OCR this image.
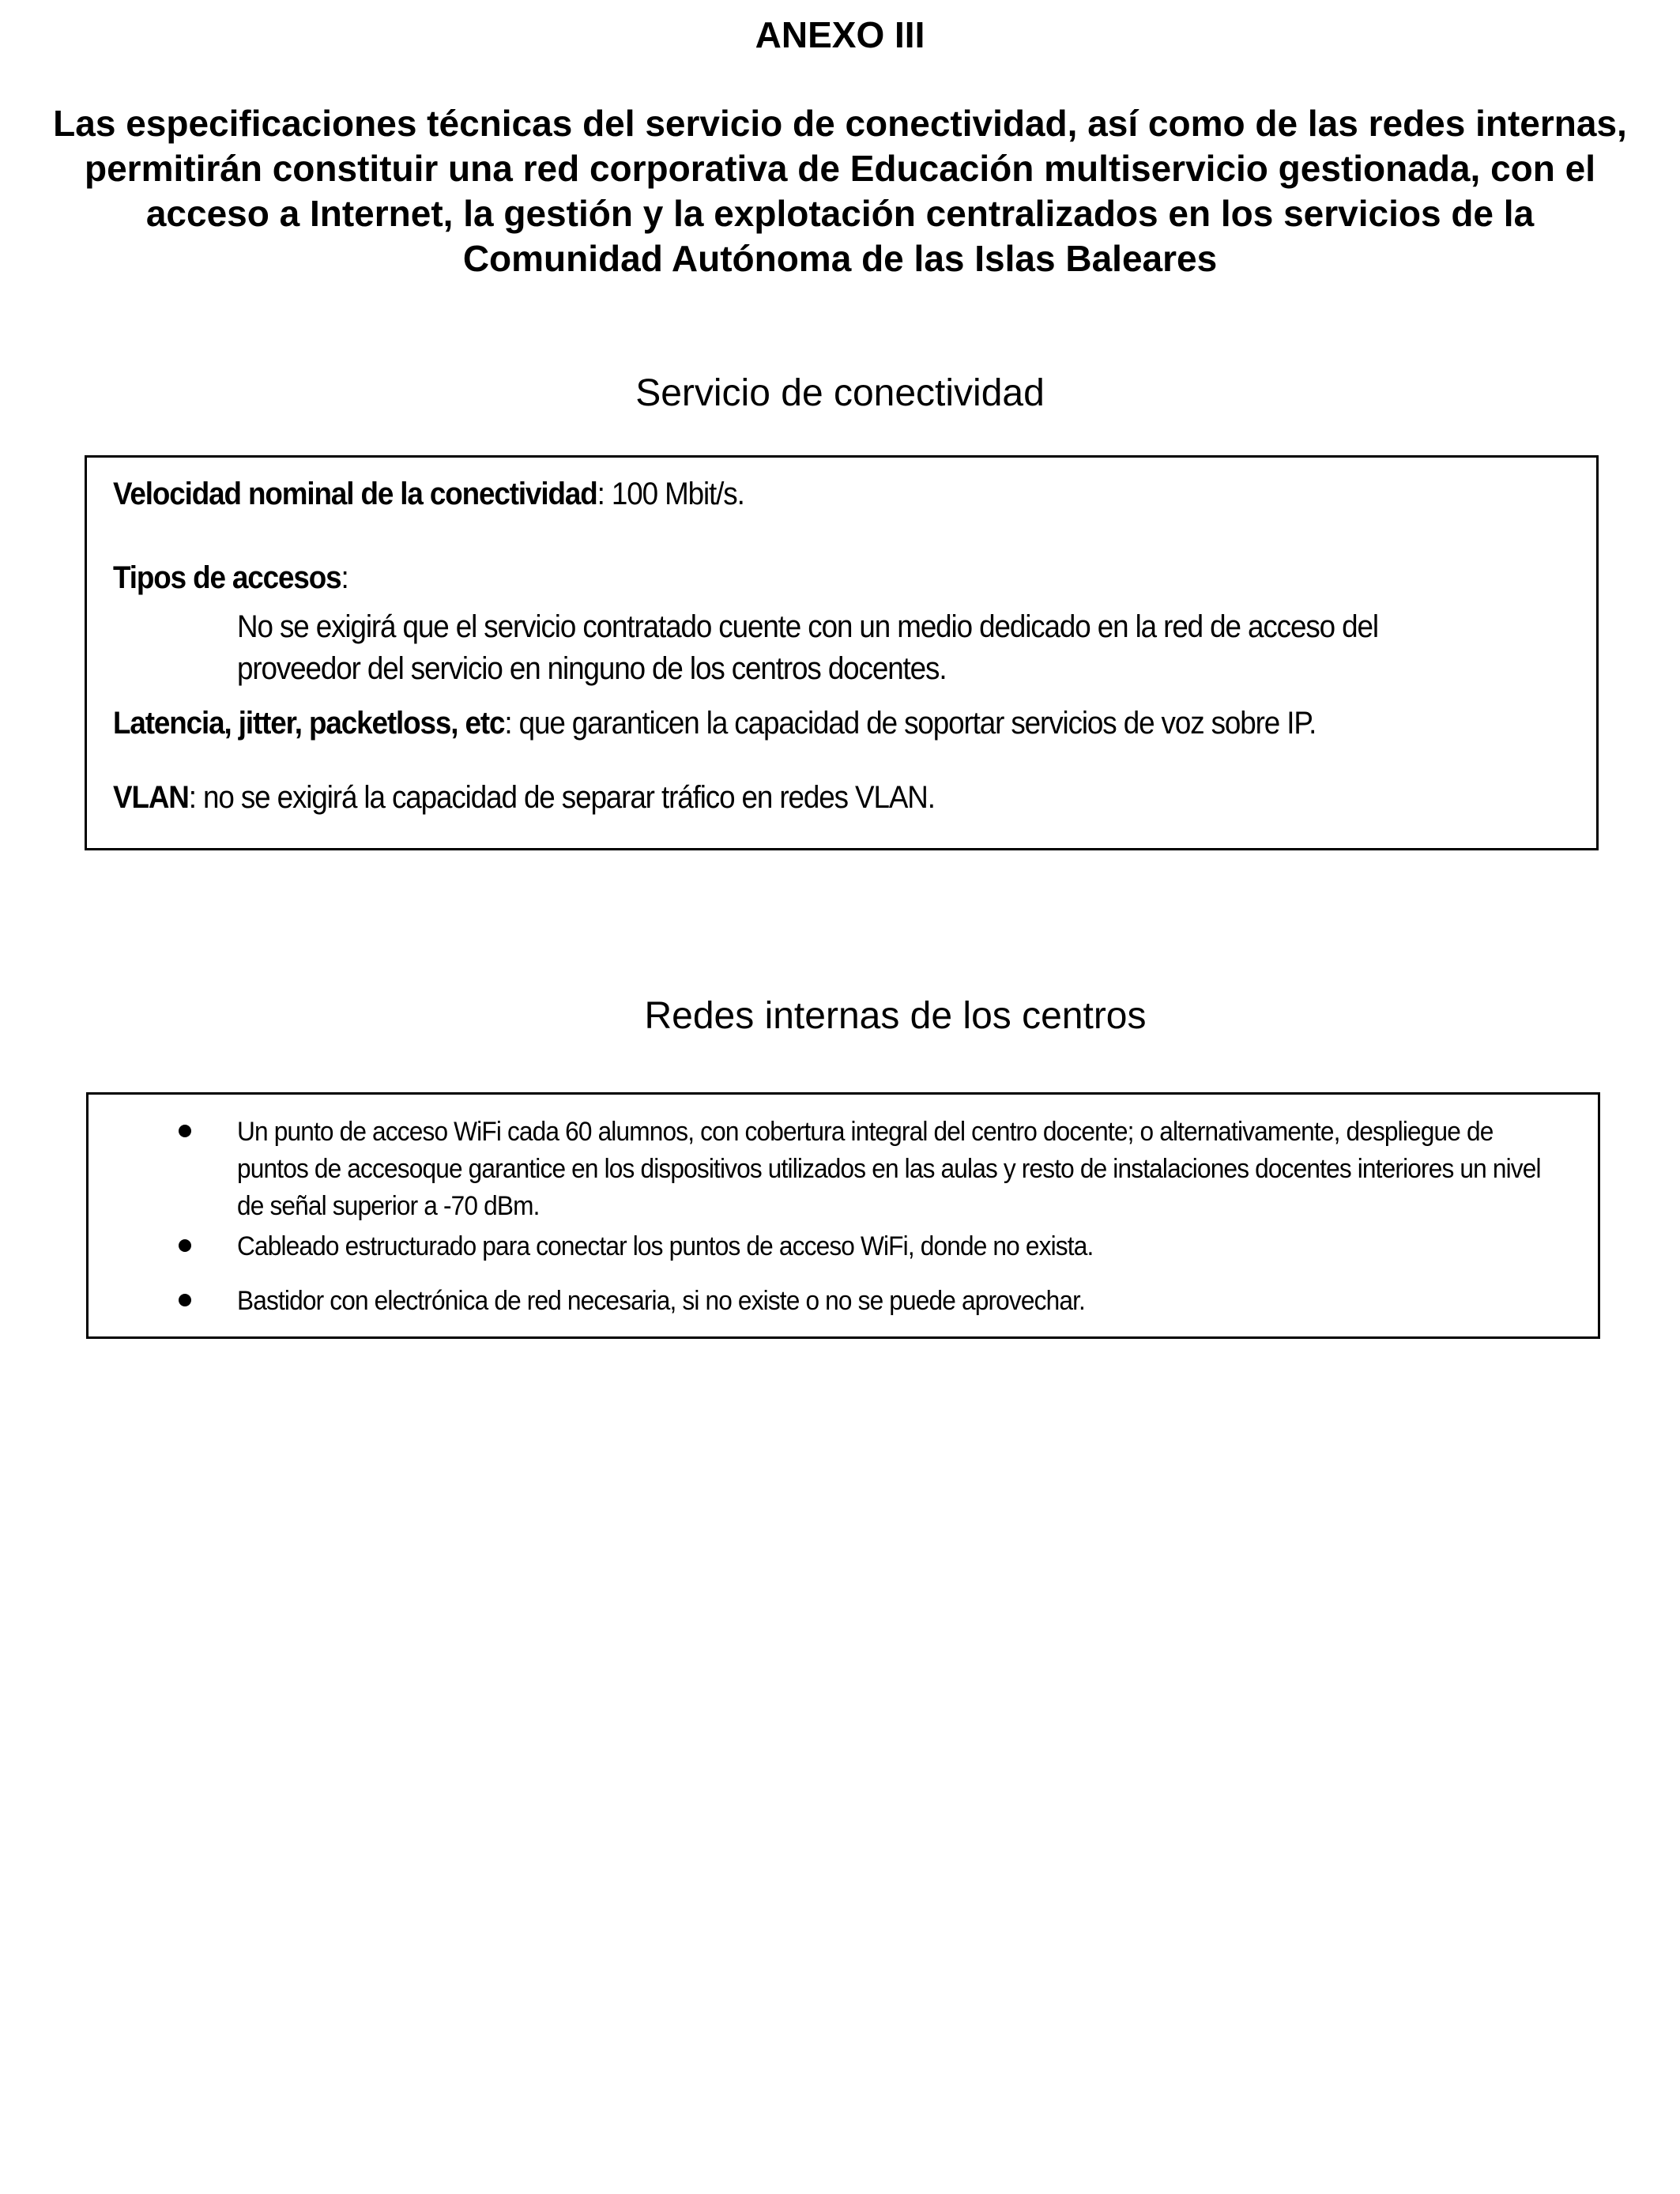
ANEXO III
Las especificaciones técnicas del servicio de conectividad, así como de las redes internas, permitirán constituir una red corporativa de Educación multiservicio gestionada, con el acceso a Internet, la gestión y la explotación centralizados en los servicios de la Comunidad Autónoma de las Islas Baleares
Servicio de conectividad
Velocidad nominal de la conectividad: 100 Mbit/s.
Tipos de accesos:
No se exigirá que el servicio contratado cuente con un medio dedicado en la red de acceso del proveedor del servicio en ninguno de los centros docentes.
Latencia, jitter, packetloss, etc: que garanticen la capacidad de soportar servicios de voz sobre IP.
VLAN: no se exigirá la capacidad de separar tráfico en redes VLAN.
Redes internas de los centros
Un punto de acceso WiFi cada 60 alumnos, con cobertura integral del centro docente; o alternativamente, despliegue de puntos de accesoque garantice en los dispositivos utilizados en las aulas y resto de instalaciones docentes interiores un nivel de señal superior a -70 dBm.
Cableado estructurado para conectar los puntos de acceso WiFi, donde no exista.
Bastidor con electrónica de red necesaria, si no existe o no se puede aprovechar.
